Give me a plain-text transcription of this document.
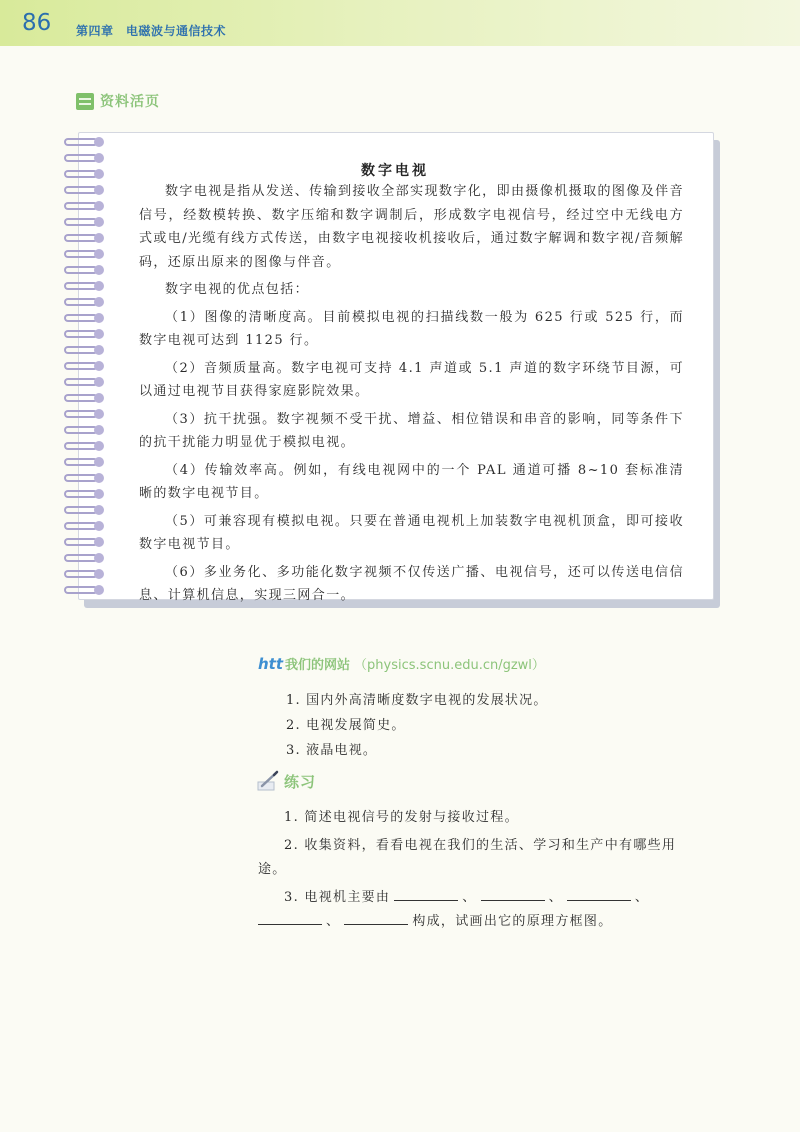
86 第四章　电磁波与通信技术
资料活页
数字电视

数字电视是指从发送、传输到接收全部实现数字化，即由摄像机摄取的图像及伴音信号，经数模转换、数字压缩和数字调制后，形成数字电视信号，经过空中无线电方式或电/光缆有线方式传送，由数字电视接收机接收后，通过数字解调和数字视/音频解码，还原出原来的图像与伴音。

数字电视的优点包括：

（1）图像的清晰度高。目前模拟电视的扫描线数一般为 625 行或 525 行，而数字电视可达到 1125 行。

（2）音频质量高。数字电视可支持 4.1 声道或 5.1 声道的数字环绕节目源，可以通过电视节目获得家庭影院效果。

（3）抗干扰强。数字视频不受干扰、增益、相位错误和串音的影响，同等条件下的抗干扰能力明显优于模拟电视。

（4）传输效率高。例如，有线电视网中的一个 PAL 通道可播 8~10 套标准清晰的数字电视节目。

（5）可兼容现有模拟电视。只要在普通电视机上加装数字电视机顶盒，即可接收数字电视节目。

（6）多业务化、多功能化数字视频不仅传送广播、电视信号，还可以传送电信信息、计算机信息，实现三网合一。

htt 我们的网站 （physics.scnu.edu.cn/gzwl）
1. 国内外高清晰度数字电视的发展状况。
2. 电视发展简史。
3. 液晶电视。
练习

1. 简述电视信号的发射与接收过程。

2. 收集资料，看看电视在我们的生活、学习和生产中有哪些用途。

3. 电视机主要由	、	、	、

、	构成，试画出它的原理方框图。
